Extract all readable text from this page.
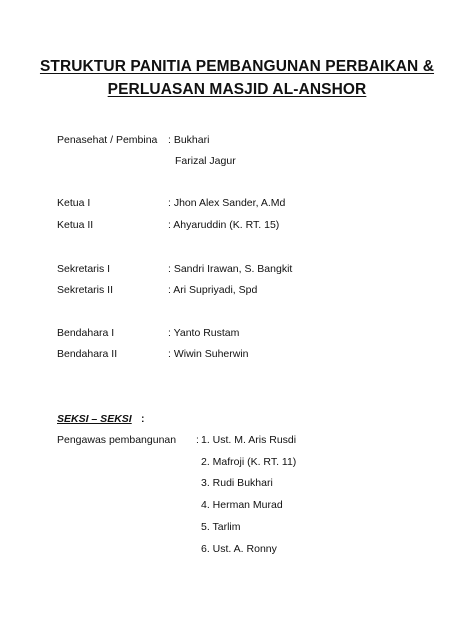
STRUKTUR PANITIA PEMBANGUNAN PERBAIKAN &
PERLUASAN MASJID AL-ANSHOR
Penasehat / Pembina : Bukhari
Farizal Jagur
Ketua I	: Jhon Alex Sander, A.Md
Ketua II	: Ahyaruddin (K. RT. 15)
Sekretaris I	: Sandri Irawan, S. Bangkit
Sekretaris II	: Ari Supriyadi, Spd
Bendahara I	: Yanto Rustam
Bendahara II	: Wiwin Suherwin
SEKSI – SEKSI :
Pengawas pembangunan : 1. Ust. M. Aris Rusdi
2. Mafroji (K. RT. 11)
3. Rudi Bukhari
4. Herman Murad
5. Tarlim
6. Ust. A. Ronny
